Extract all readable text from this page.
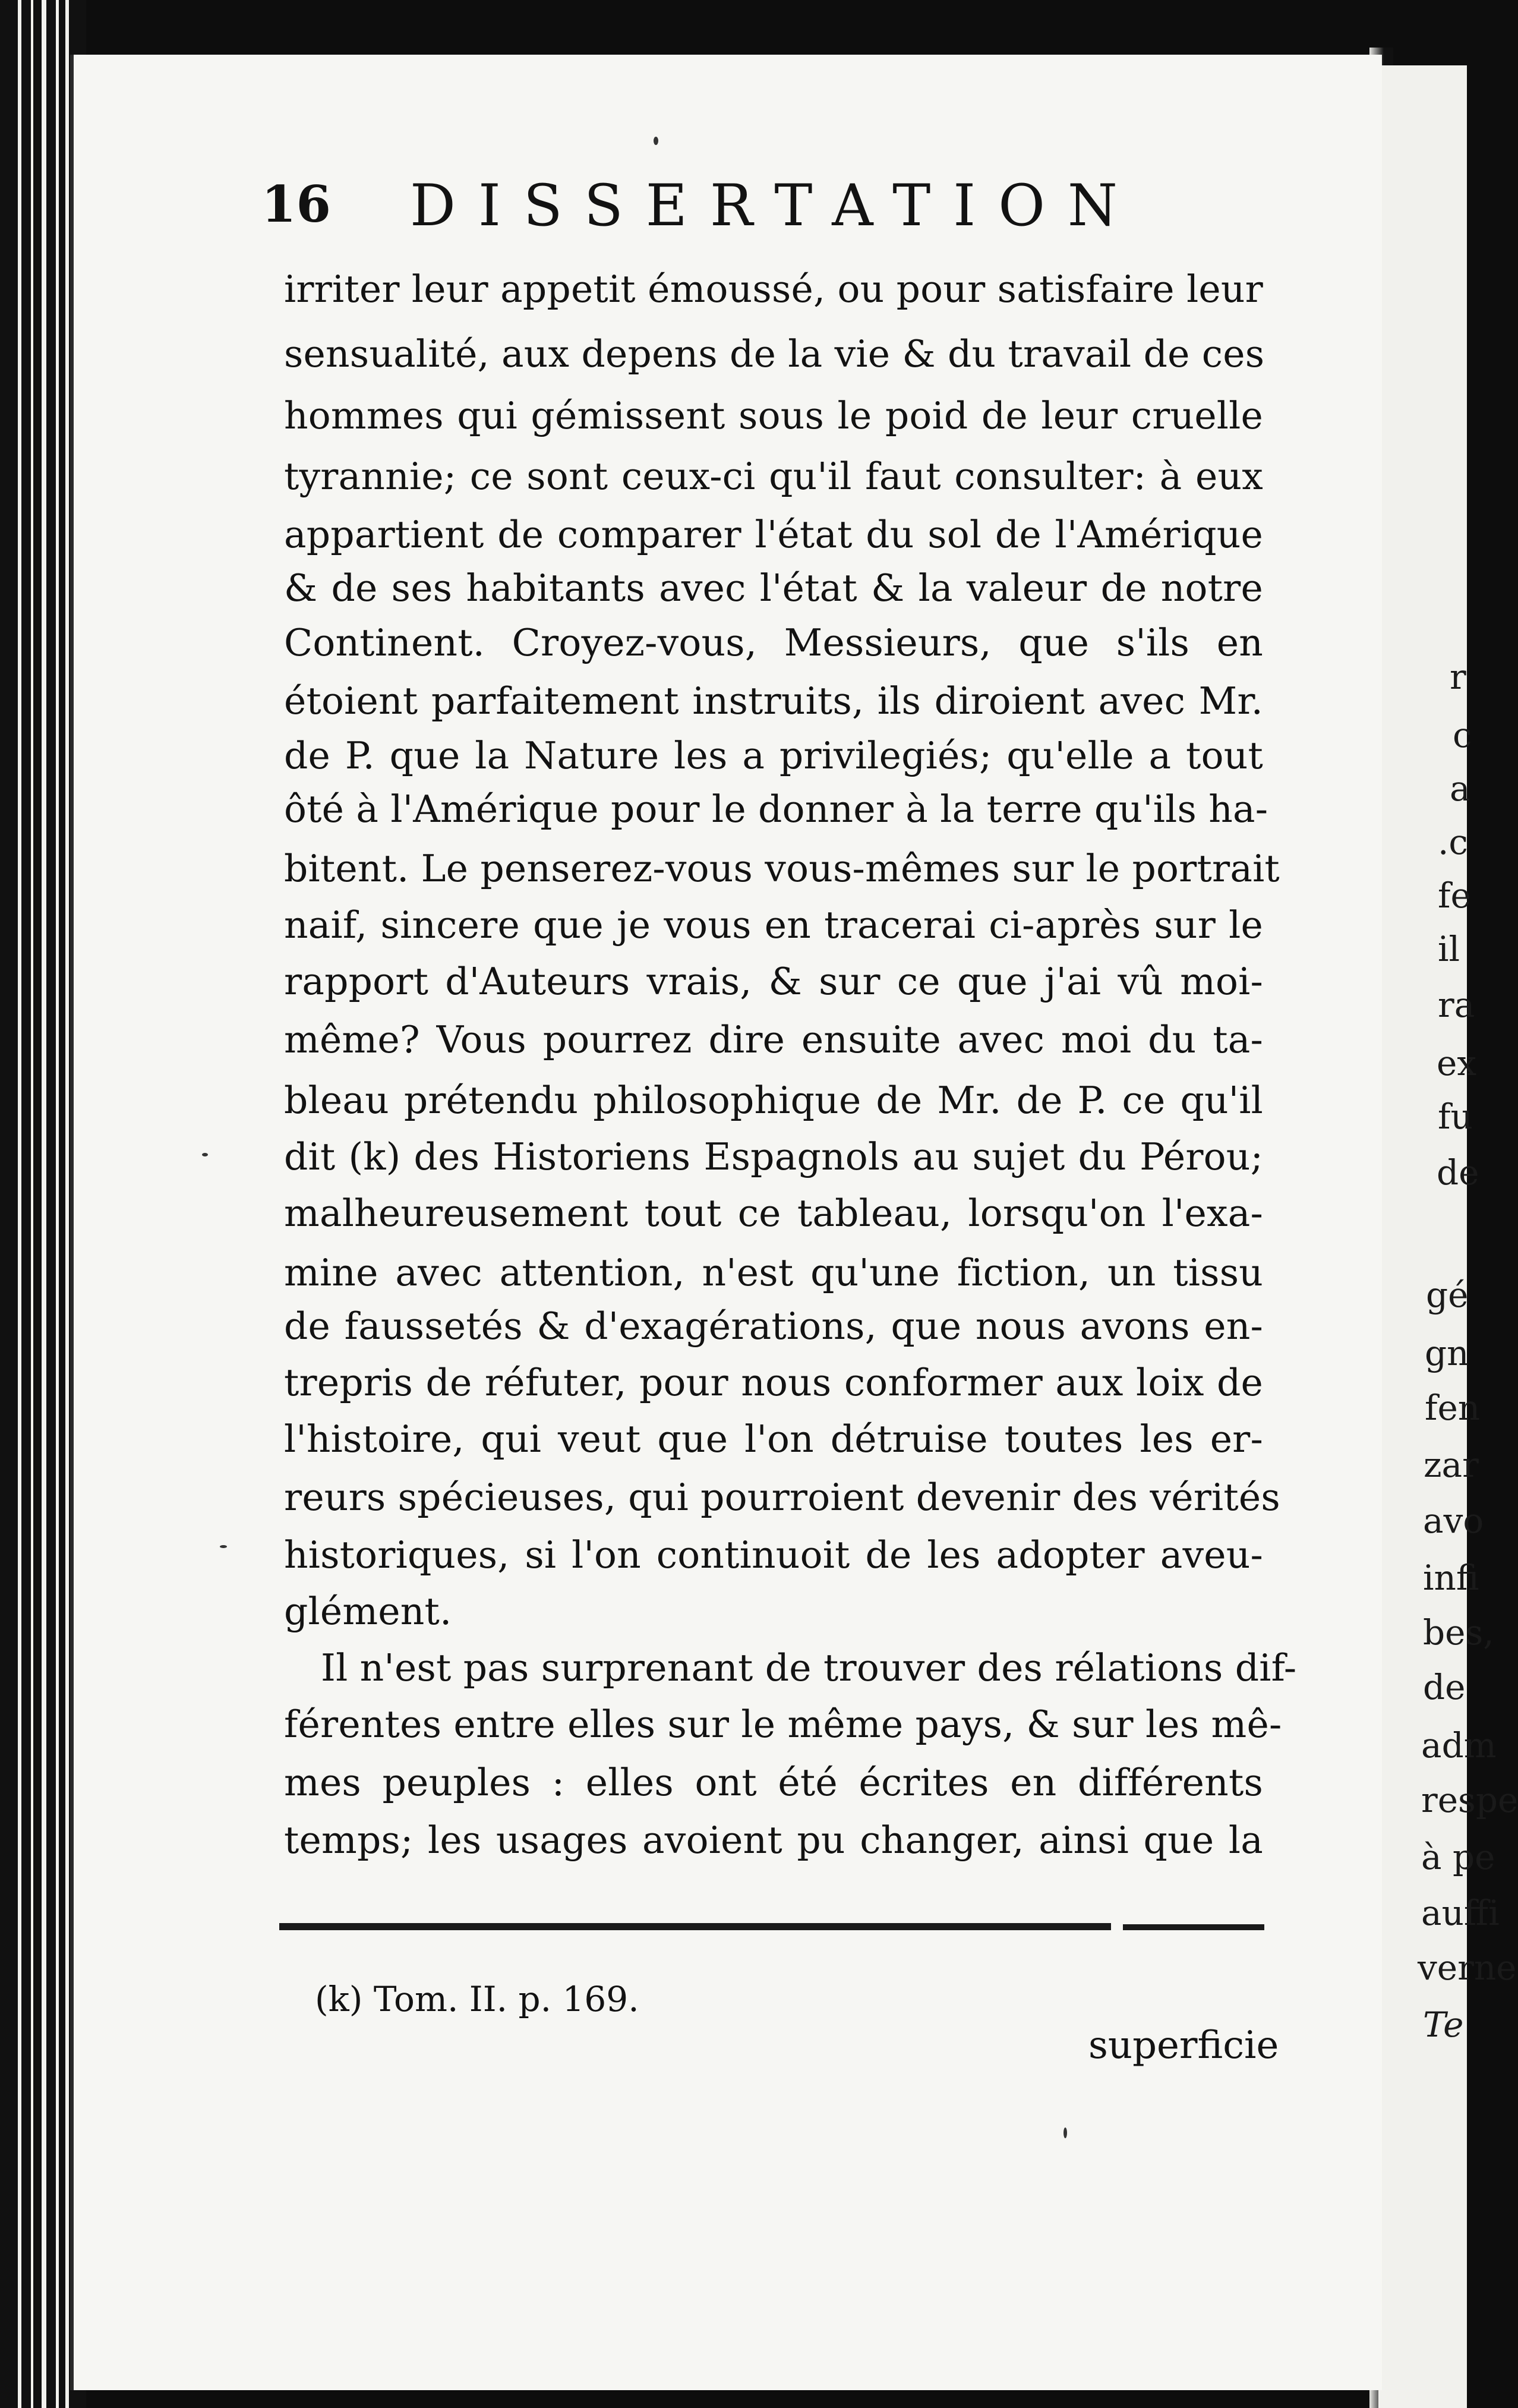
16 DISSERTATION
irriter leur appetit émoussé, ou pour satisfaire leur
sensualité, aux depens de la vie & du travail de ces
hommes qui gémissent sous le poid de leur cruelle
tyrannie; ce sont ceux-ci qu'il faut consulter: à eux
appartient de comparer l'état du sol de l'Amérique
& de ses habitants avec l'état & la valeur de notre
Continent. Croyez-vous, Messieurs, que s'ils en
étoient parfaitement instruits, ils diroient avec Mr.
de P. que la Nature les a privilegiés; qu'elle a tout
ôté à l'Amérique pour le donner à la terre qu'ils ha-
bitent. Le penserez-vous vous-mêmes sur le portrait
naif, sincere que je vous en tracerai ci-après sur le
rapport d'Auteurs vrais, & sur ce que j'ai vû moi-
même? Vous pourrez dire ensuite avec moi du ta-
bleau prétendu philosophique de Mr. de P. ce qu'il
dit (k) des Historiens Espagnols au sujet du Pérou;
malheureusement tout ce tableau, lorsqu'on l'exa-
mine avec attention, n'est qu'une fiction, un tissu
de faussetés & d'exagérations, que nous avons en-
trepris de réfuter, pour nous conformer aux loix de
l'histoire, qui veut que l'on détruise toutes les er-
reurs spécieuses, qui pourroient devenir des vérités
historiques, si l'on continuoit de les adopter aveu-
glément.
Il n'est pas surprenant de trouver des rélations dif-
férentes entre elles sur le même pays, & sur les mê-
mes peuples : elles ont été écrites en différents
temps; les usages avoient pu changer, ainsi que la
(k) Tom. II. p. 169.
superficie
r
c
a
.c
fe
il
ra
ex
fu
de
gé
gn
fen
zar
avo
infi
bes,
de
adm
respe
à pe
auffi
verne
Te
